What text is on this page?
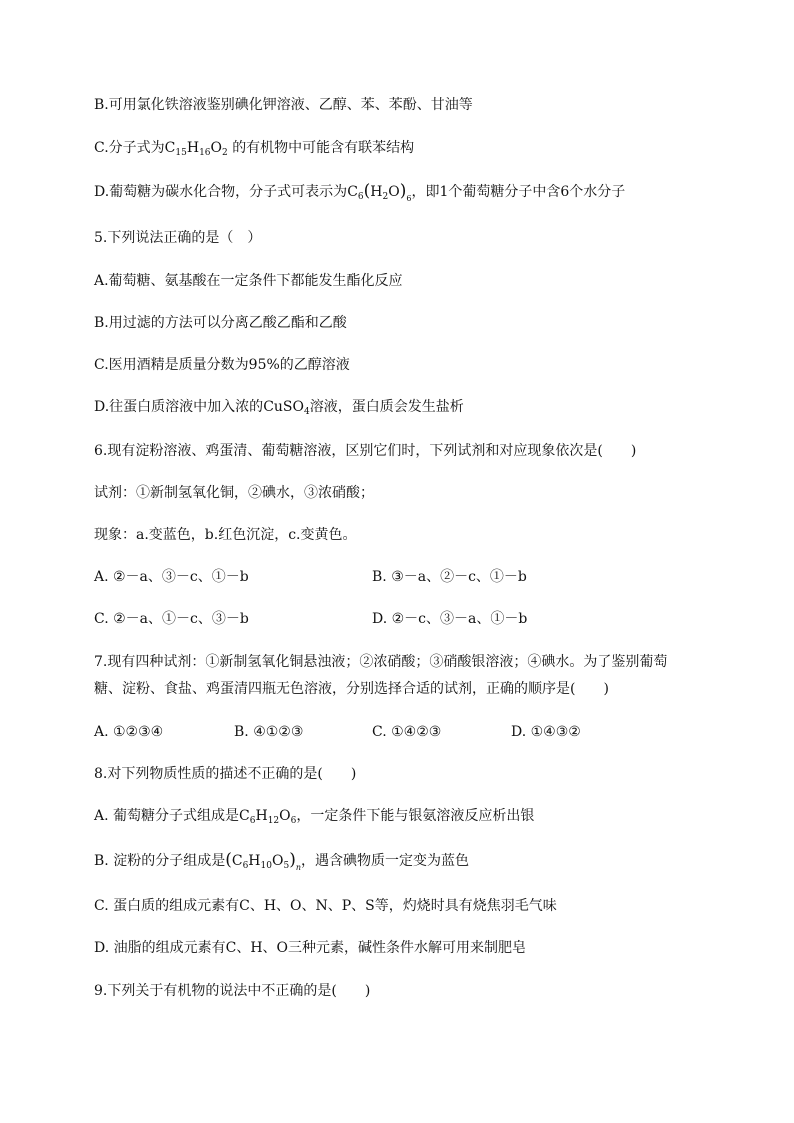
B.可用氯化铁溶液鉴别碘化钾溶液、乙醇、苯、苯酚、甘油等
C.分子式为$C_{15}H_{16}O_2$ 的有机物中可能含有联苯结构
D.葡萄糖为碳水化合物，分子式可表示为$C_6(H_2O)_6$，即1个葡萄糖分子中含6个水分子
5.下列说法正确的是（　）
A.葡萄糖、氨基酸在一定条件下都能发生酯化反应
B.用过滤的方法可以分离乙酸乙酯和乙酸
C.医用酒精是质量分数为95%的乙醇溶液
D.往蛋白质溶液中加入浓的CuSO$_4$溶液，蛋白质会发生盐析
6.现有淀粉溶液、鸡蛋清、葡萄糖溶液，区别它们时，下列试剂和对应现象依次是(　　)
试剂：①新制氢氧化铜，②碘水，③浓硝酸；
现象：a.变蓝色，b.红色沉淀，c.变黄色。
A. ②－a、③－c、①－b	B. ③－a、②－c、①－b
C. ②－a、①－c、③－b	D. ②－c、③－a、①－b
7.现有四种试剂：①新制氢氧化铜悬浊液；②浓硝酸；③硝酸银溶液；④碘水。为了鉴别葡萄
糖、淀粉、食盐、鸡蛋清四瓶无色溶液，分别选择合适的试剂，正确的顺序是(　　)
A. ①②③④	B. ④①②③	C. ①④②③	D. ①④③②
8.对下列物质性质的描述不正确的是(　　)
A. 葡萄糖分子式组成是$C_6H_{12}O_6$，一定条件下能与银氨溶液反应析出银
B. 淀粉的分子组成是$(C_6H_{10}O_5)_n$，遇含碘物质一定变为蓝色
C. 蛋白质的组成元素有C、H、O、N、P、S等，灼烧时具有烧焦羽毛气味
D. 油脂的组成元素有C、H、O三种元素，碱性条件水解可用来制肥皂
9.下列关于有机物的说法中不正确的是(　　)
